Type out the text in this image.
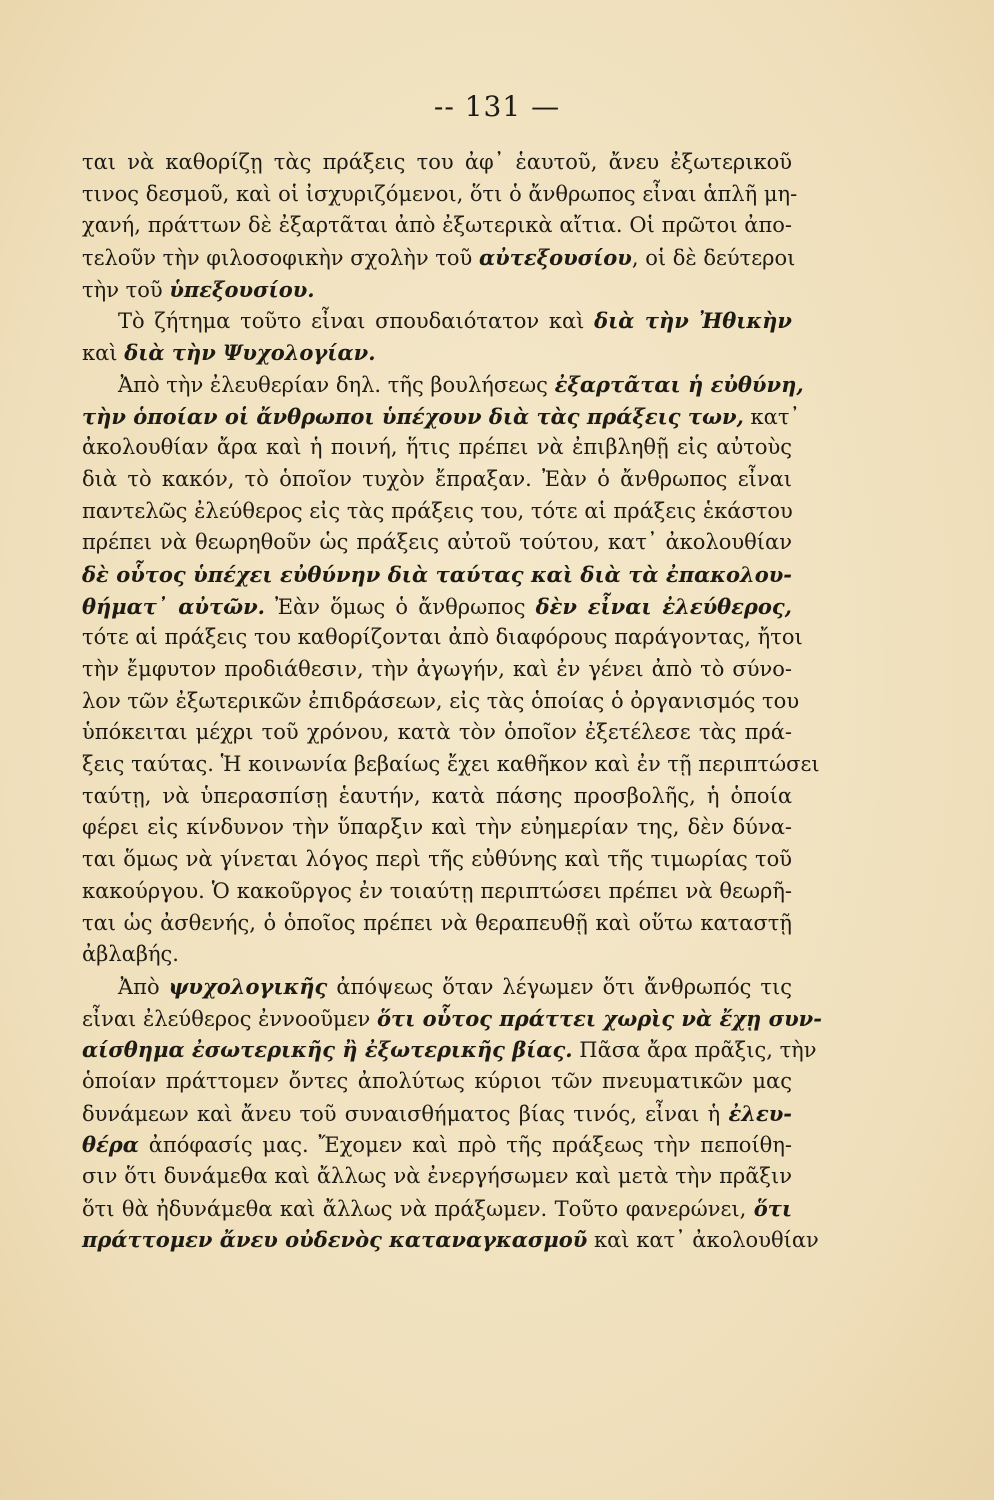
-- 131 —
ται νὰ καθορίζῃ τὰς πράξεις του ἀφ᾽ ἑαυτοῦ, ἄνευ ἐξωτερικοῦ
τινος δεσμοῦ, καὶ οἱ ἰσχυριζόμενοι, ὅτι ὁ ἄνθρωπος εἶναι ἁπλῆ μη-
χανή, πράττων δὲ ἐξαρτᾶται ἀπὸ ἐξωτερικὰ αἴτια. Οἱ πρῶτοι ἀπο-
τελοῦν τὴν φιλοσοφικὴν σχολὴν τοῦ αὐτεξουσίου, οἱ δὲ δεύτεροι
τὴν τοῦ ὑπεξουσίου.
Τὸ ζήτημα τοῦτο εἶναι σπουδαιότατον καὶ διὰ τὴν Ἠθικὴν
καὶ διὰ τὴν Ψυχολογίαν.
Ἀπὸ τὴν ἐλευθερίαν δηλ. τῆς βουλήσεως ἐξαρτᾶται ἡ εὐθύνη,
τὴν ὁποίαν οἱ ἄνθρωποι ὑπέχουν διὰ τὰς πράξεις των, κατ᾽
ἀκολουθίαν ἄρα καὶ ἡ ποινή, ἥτις πρέπει νὰ ἐπιβληθῇ εἰς αὐτοὺς
διὰ τὸ κακόν, τὸ ὁποῖον τυχὸν ἔπραξαν. Ἐὰν ὁ ἄνθρωπος εἶναι
παντελῶς ἐλεύθερος εἰς τὰς πράξεις του, τότε αἱ πράξεις ἑκάστου
πρέπει νὰ θεωρηθοῦν ὡς πράξεις αὐτοῦ τούτου, κατ᾽ ἀκολουθίαν
δὲ οὗτος ὑπέχει εὐθύνην διὰ ταύτας καὶ διὰ τὰ ἐπακολου-
θήματ᾽ αὐτῶν. Ἐὰν ὅμως ὁ ἄνθρωπος δὲν εἶναι ἐλεύθερος,
τότε αἱ πράξεις του καθορίζονται ἀπὸ διαφόρους παράγοντας, ἤτοι
τὴν ἔμφυτον προδιάθεσιν, τὴν ἀγωγήν, καὶ ἐν γένει ἀπὸ τὸ σύνο-
λον τῶν ἐξωτερικῶν ἐπιδράσεων, εἰς τὰς ὁποίας ὁ ὀργανισμός του
ὑπόκειται μέχρι τοῦ χρόνου, κατὰ τὸν ὁποῖον ἐξετέλεσε τὰς πρά-
ξεις ταύτας. Ἡ κοινωνία βεβαίως ἔχει καθῆκον καὶ ἐν τῇ περιπτώσει
ταύτῃ, νὰ ὑπερασπίσῃ ἑαυτήν, κατὰ πάσης προσβολῆς, ἡ ὁποία
φέρει εἰς κίνδυνον τὴν ὕπαρξιν καὶ τὴν εὐημερίαν της, δὲν δύνα-
ται ὅμως νὰ γίνεται λόγος περὶ τῆς εὐθύνης καὶ τῆς τιμωρίας τοῦ
κακούργου. Ὁ κακοῦργος ἐν τοιαύτῃ περιπτώσει πρέπει νὰ θεωρῆ-
ται ὡς ἀσθενής, ὁ ὁποῖος πρέπει νὰ θεραπευθῇ καὶ οὕτω καταστῇ
ἀβλαβής.
Ἀπὸ ψυχολογικῆς ἀπόψεως ὅταν λέγωμεν ὅτι ἄνθρωπός τις
εἶναι ἐλεύθερος ἐννοοῦμεν ὅτι οὗτος πράττει χωρὶς νὰ ἔχῃ συν-
αίσθημα ἐσωτερικῆς ἢ ἐξωτερικῆς βίας. Πᾶσα ἄρα πρᾶξις, τὴν
ὁποίαν πράττομεν ὄντες ἀπολύτως κύριοι τῶν πνευματικῶν μας
δυνάμεων καὶ ἄνευ τοῦ συναισθήματος βίας τινός, εἶναι ἡ ἐλευ-
θέρα ἀπόφασίς μας. Ἔχομεν καὶ πρὸ τῆς πράξεως τὴν πεποίθη-
σιν ὅτι δυνάμεθα καὶ ἄλλως νὰ ἐνεργήσωμεν καὶ μετὰ τὴν πρᾶξιν
ὅτι θὰ ἠδυνάμεθα καὶ ἄλλως νὰ πράξωμεν. Τοῦτο φανερώνει, ὅτι
πράττομεν ἄνευ οὐδενὸς καταναγκασμοῦ καὶ κατ᾽ ἀκολουθίαν
